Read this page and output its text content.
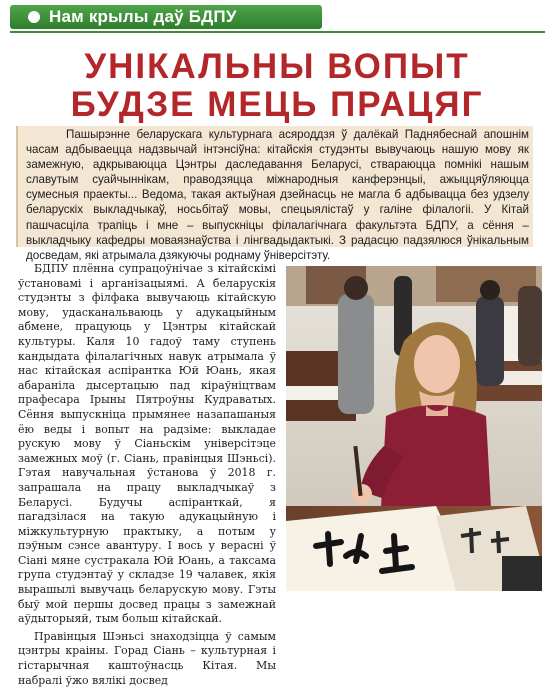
Нам крылы даў БДПУ
УНІКАЛЬНЫ ВОПЫТ
БУДЗЕ МЕЦЬ ПРАЦЯГ
Пашырэнне беларускага культурнага асяроддзя ў далёкай Паднябеснай апошнім часам адбываецца надзвычай інтэнсіўна: кітайскія студэнты вывучаюць нашую мову як замежную, адкрываюцца Цэнтры даследавання Беларусі, ствараюцца помнікі нашым славутым суайчыннікам, праводзяцца міжнародныя канферэнцыі, ажыццяўляюцца сумесныя праекты... Ведома, такая актыўная дзейнасць не магла б адбывацца без удзелу беларускіх выкладчыкаў, носьбітаў мовы, спецыялістаў у галіне філалогіі. У Кітай пашчасціла трапіць і мне – выпускніцы філалагічнага факультэта БДПУ, а сёння – выкладчыку кафедры моваязнаўства і лінгвадыдактыкі. З радасцю падзялюся ўнікальным досведам, які атрымала дзякуючы роднаму ўніверсітэту.

БДПУ плённа супрацоўнічае з кітайскімі ўстановамі і арганізацыямі. А беларускія студэнты з філфака вывучаюць кітайскую мову, удасканальваюць у адукацыйным абмене, працуюць у Цэнтры кітайскай культуры. Каля 10 гадоў таму ступень кандыдата філалагічных навук атрымала ў нас кітайская аспірантка Юй Юань, якая абараніла дысертацыю пад кіраўніцтвам прафесара Ірыны Пятроўны Кудраватых. Сёння выпускніца прымянее назапашаныя ёю веды і вопыт на радзіме: выкладае рускую мову ў Сіаньскім універсітэце замежных моў (г. Сіань, правінцыя Шэньсі). Гэтая навучальная ўстанова ў 2018 г. запрашала на працу выкладчыкаў з Беларусі. Будучы аспіранткай, я пагадзілася на такую адукацыйную і міжкультурную практыку, а потым у пэўным сэнсе авантуру. І вось у верасні ў Сіані мяне сустракала Юй Юань, а таксама група студэнтаў у складзе 19 чалавек, якія вырашылі вывучаць беларускую мову. Гэты быў мой першы досвед працы з замежнай аўдыторыяй, тым больш кітайскай.

Правінцыя Шэньсі знаходзіцца ў самым цэнтры краіны. Горад Сіань – культурная і гістарычная каштоўнасць Кітая. Мы набралі ўжо вялікі досвед
